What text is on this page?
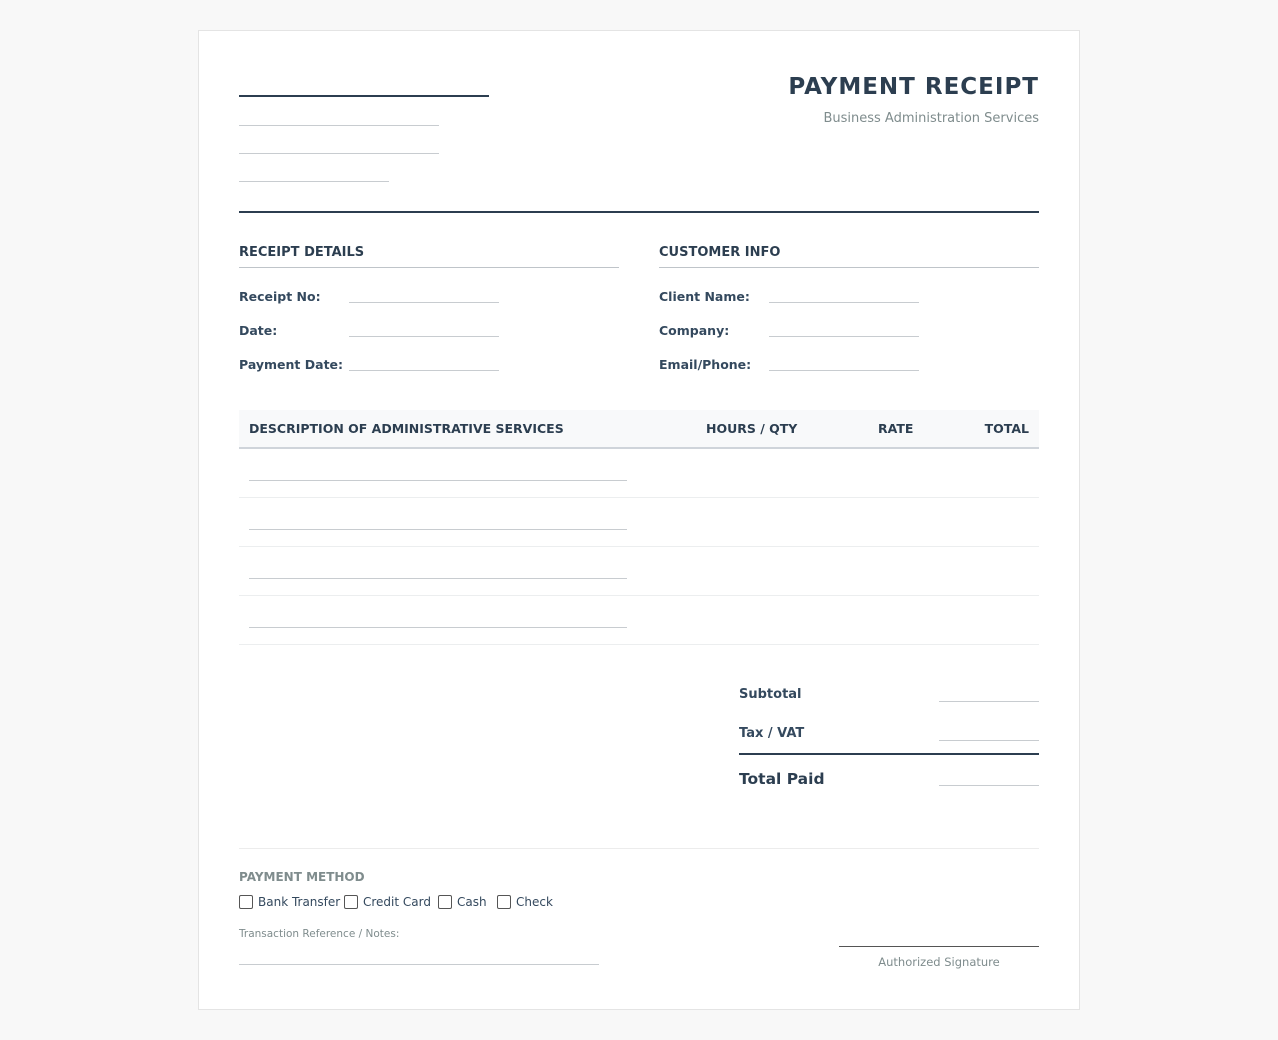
PAYMENT RECEIPT
Business Administration Services
RECEIPT DETAILS
Receipt No:
Date:
Payment Date:
CUSTOMER INFO
Client Name:
Company:
Email/Phone:
DESCRIPTION OF ADMINISTRATIVE SERVICES	HOURS / QTY	RATE	TOTAL
Subtotal
Tax / VAT
Total Paid
PAYMENT METHOD
Bank Transfer Credit Card Cash Check
Transaction Reference / Notes:
Authorized Signature
